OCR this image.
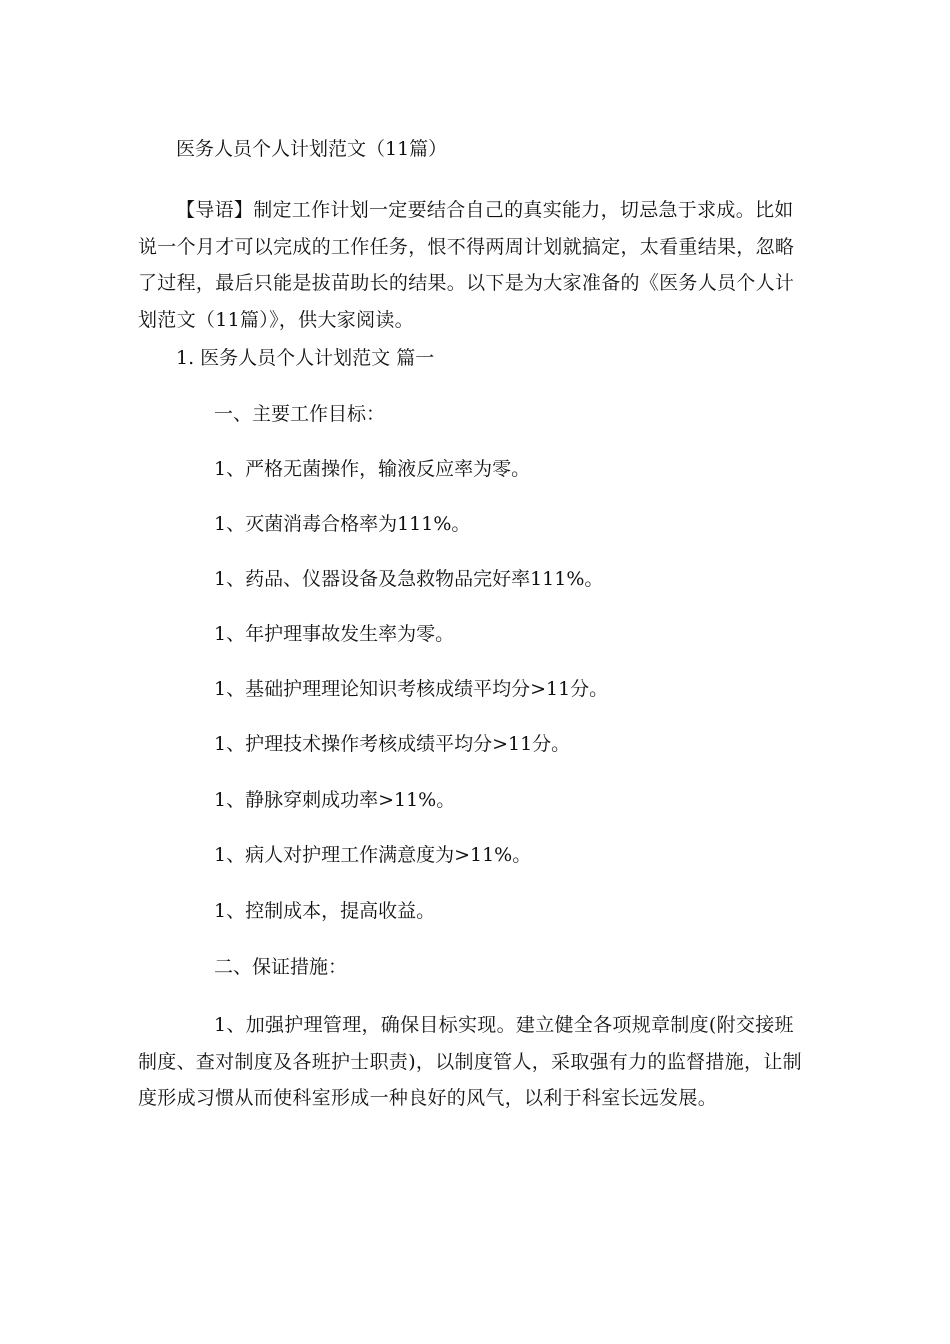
医务人员个人计划范文（11篇）
【导语】制定工作计划一定要结合自己的真实能力，切忌急于求成。比如说一个月才可以完成的工作任务，恨不得两周计划就搞定，太看重结果，忽略了过程，最后只能是拔苗助长的结果。以下是为大家准备的《医务人员个人计划范文（11篇）》，供大家阅读。
1. 医务人员个人计划范文 篇一
一、主要工作目标：
1、严格无菌操作，输液反应率为零。
1、灭菌消毒合格率为111%。
1、药品、仪器设备及急救物品完好率111%。
1、年护理事故发生率为零。
1、基础护理理论知识考核成绩平均分>11分。
1、护理技术操作考核成绩平均分>11分。
1、静脉穿刺成功率>11%。
1、病人对护理工作满意度为>11%。
1、控制成本，提高收益。
二、保证措施：
1、加强护理管理，确保目标实现。建立健全各项规章制度(附交接班制度、查对制度及各班护士职责)，以制度管人，采取强有力的监督措施，让制度形成习惯从而使科室形成一种良好的风气，以利于科室长远发展。
